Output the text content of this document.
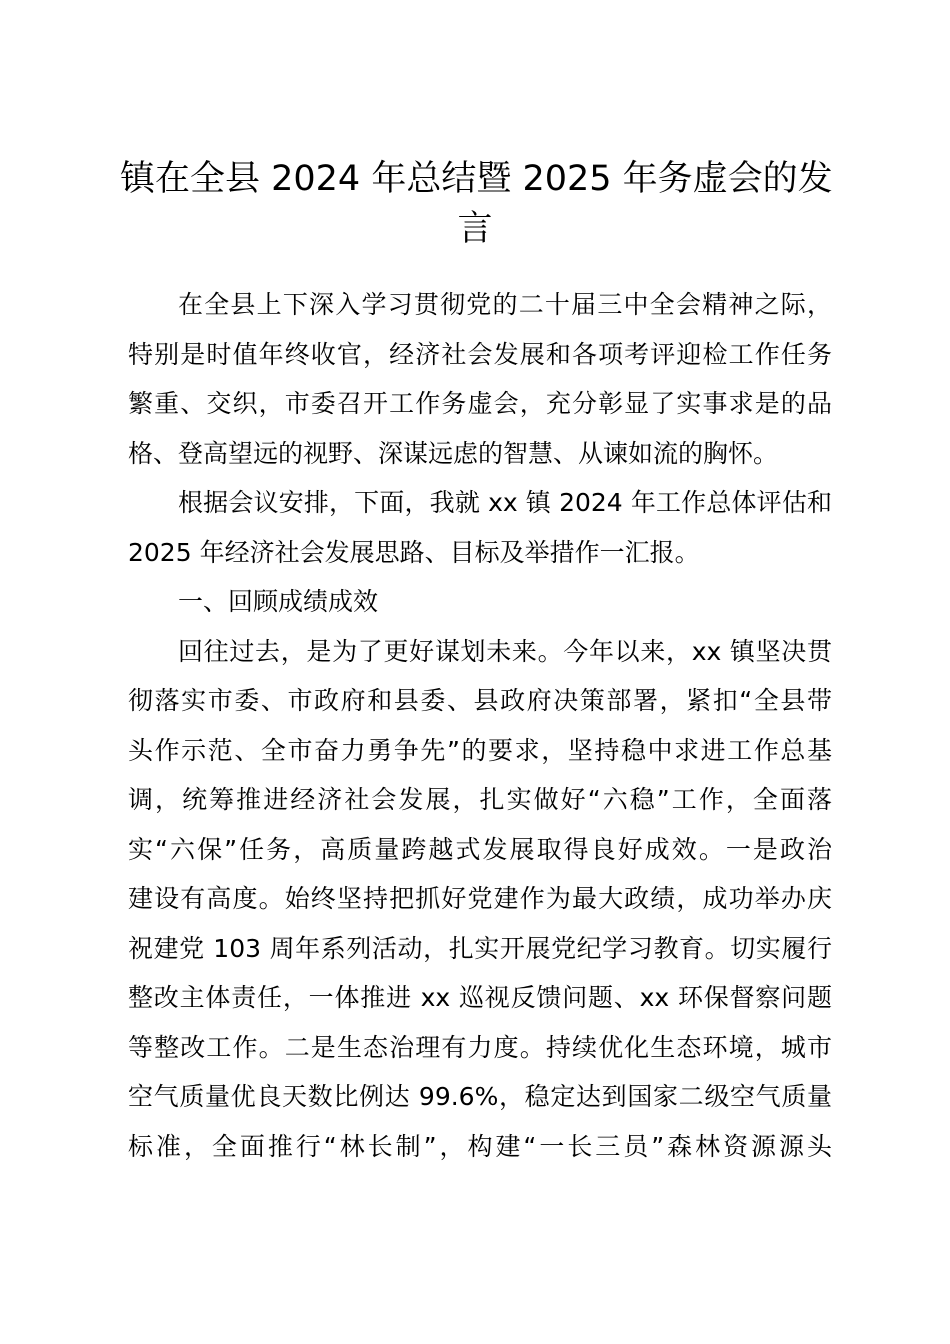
镇在全县 2024 年总结暨 2025 年务虚会的发
言
在全县上下深入学习贯彻党的二十届三中全会精神之际，
特别是时值年终收官，经济社会发展和各项考评迎检工作任务
繁重、交织，市委召开工作务虚会，充分彰显了实事求是的品
格、登高望远的视野、深谋远虑的智慧、从谏如流的胸怀。
根据会议安排，下面，我就 xx 镇 2024 年工作总体评估和
2025 年经济社会发展思路、目标及举措作一汇报。
一、回顾成绩成效
回往过去，是为了更好谋划未来。今年以来，xx 镇坚决贯
彻落实市委、市政府和县委、县政府决策部署，紧扣“全县带
头作示范、全市奋力勇争先”的要求，坚持稳中求进工作总基
调，统筹推进经济社会发展，扎实做好“六稳”工作，全面落
实“六保”任务，高质量跨越式发展取得良好成效。一是政治
建设有高度。始终坚持把抓好党建作为最大政绩，成功举办庆
祝建党 103 周年系列活动，扎实开展党纪学习教育。切实履行
整改主体责任，一体推进 xx 巡视反馈问题、xx 环保督察问题
等整改工作。二是生态治理有力度。持续优化生态环境，城市
空气质量优良天数比例达 99.6%，稳定达到国家二级空气质量
标准，全面推行“林长制”，构建“一长三员”森林资源源头
